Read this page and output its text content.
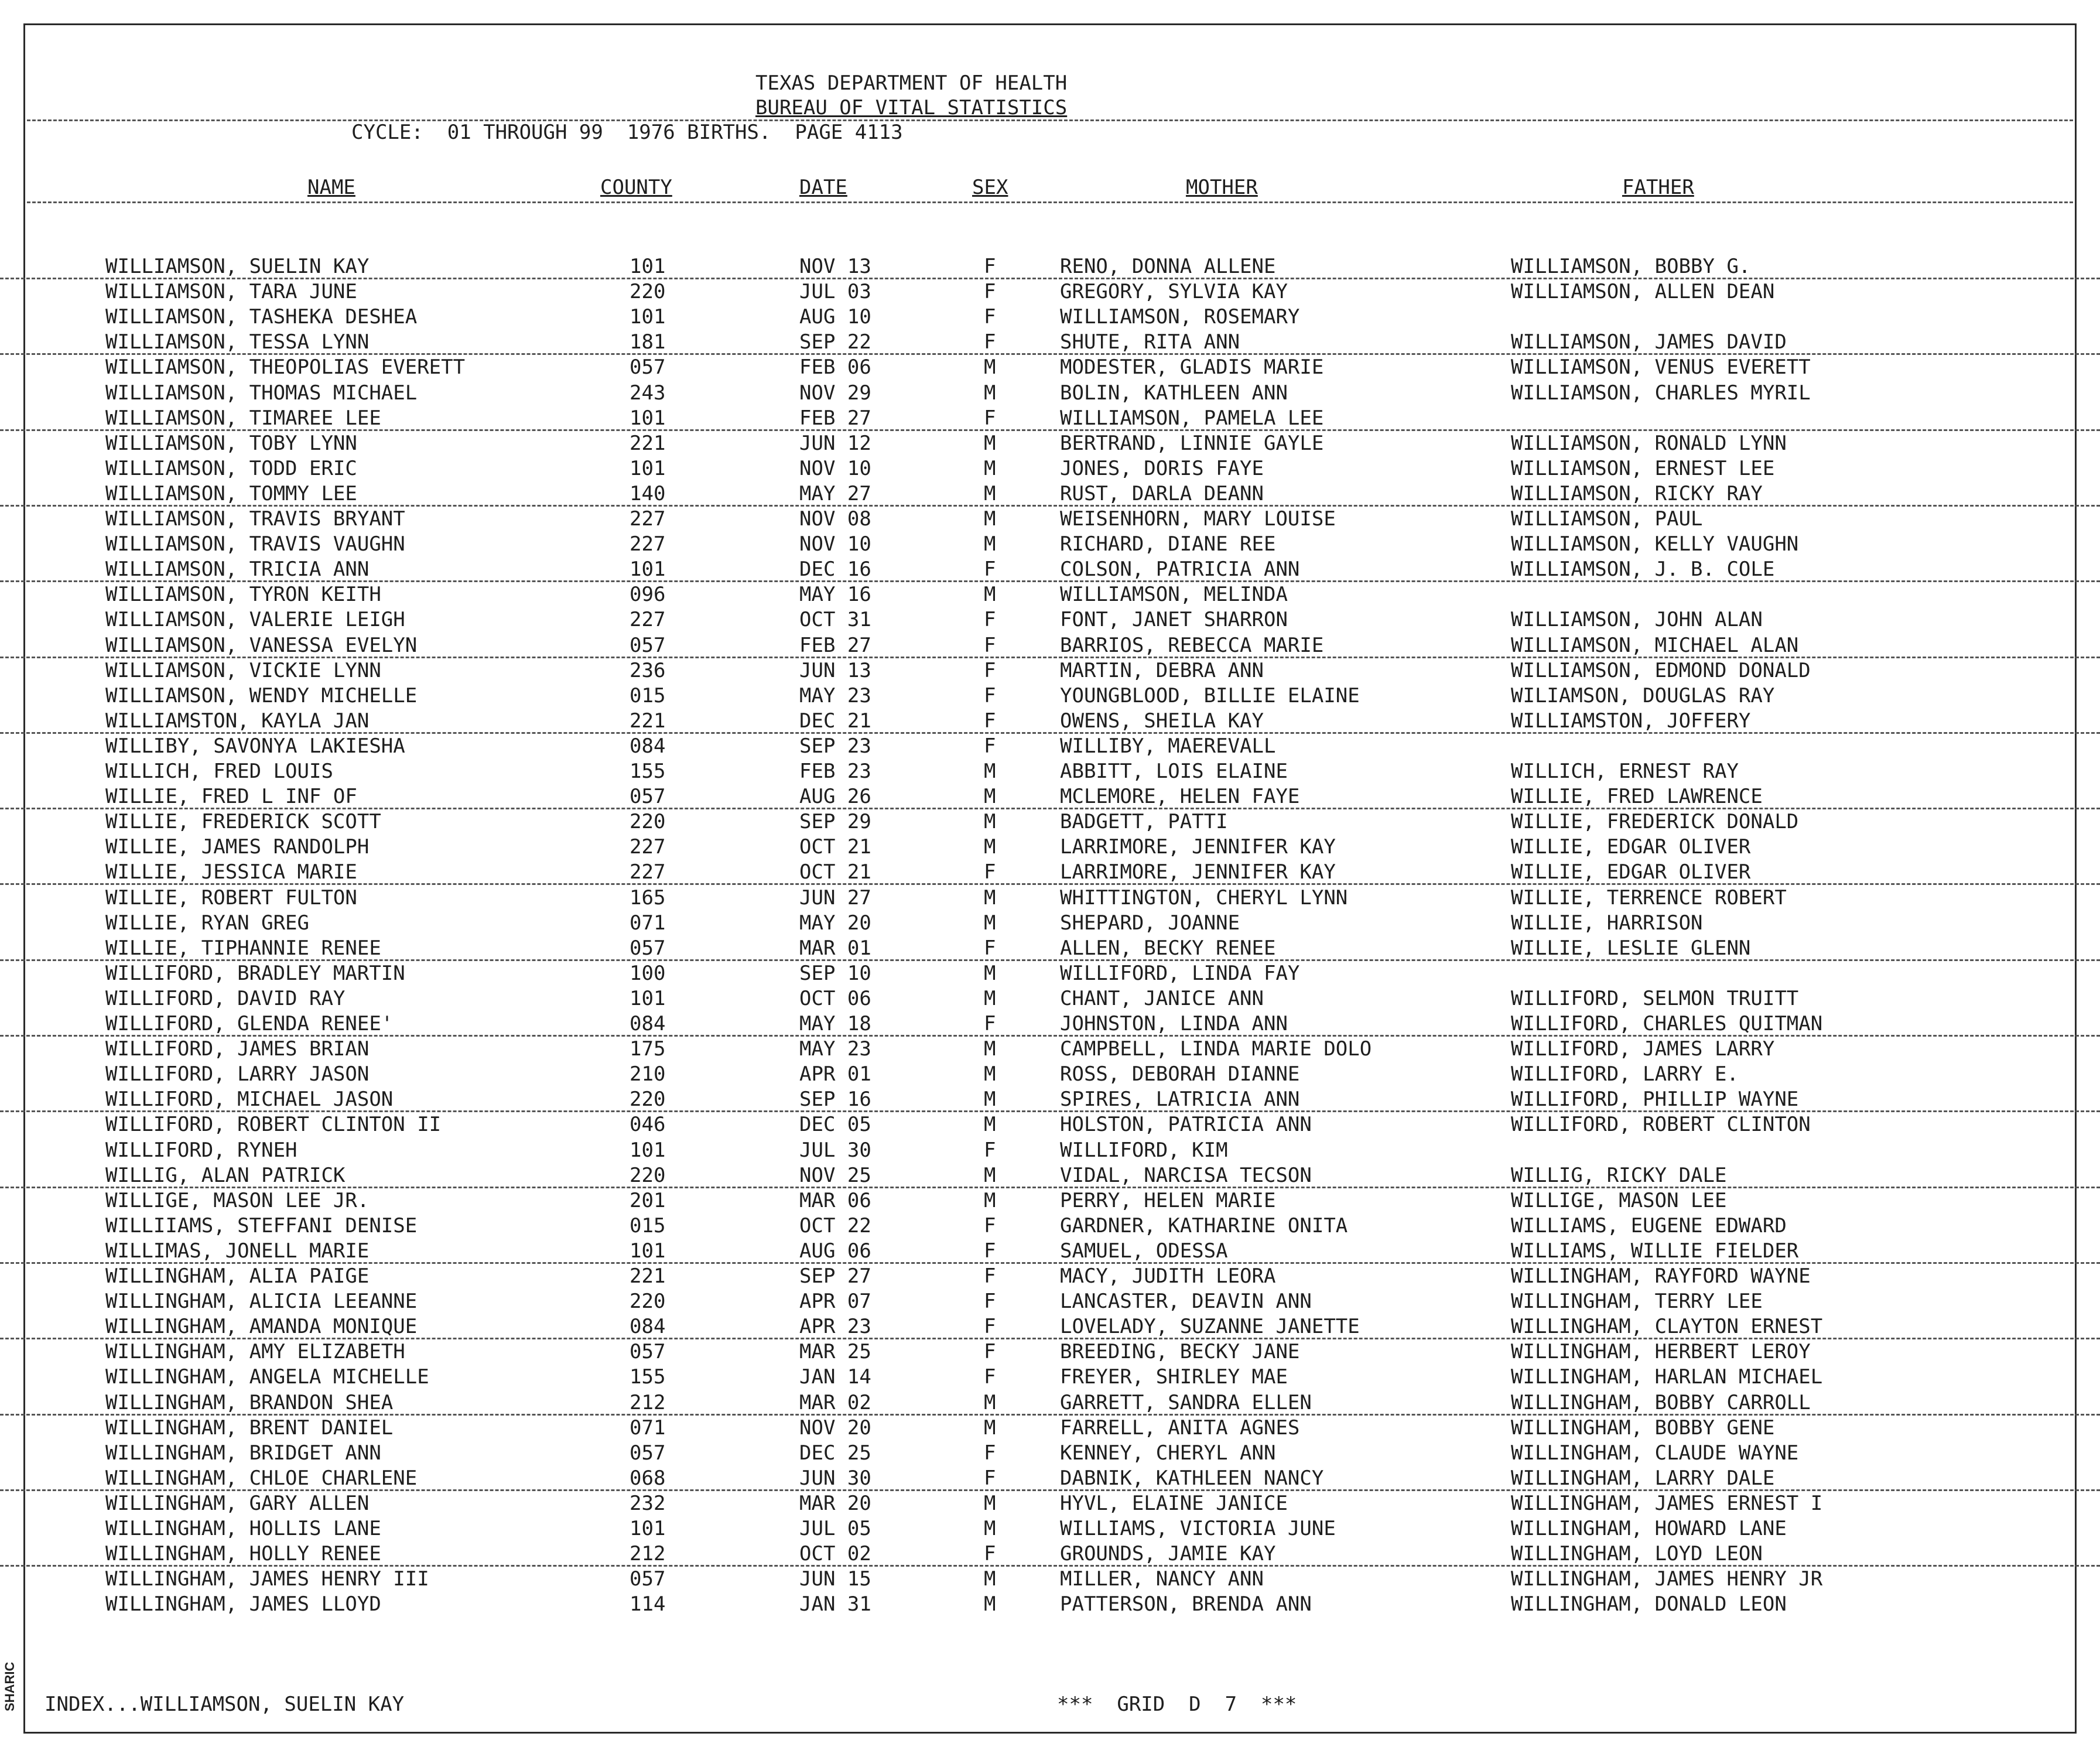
SHARIC
TEXAS DEPARTMENT OF HEALTH
BUREAU OF VITAL STATISTICS
CYCLE:  01 THROUGH 99  1976 BIRTHS.  PAGE 4113
NAME	COUNTY	DATE	SEX	MOTHER	FATHER
WILLIAMSON, SUELIN KAY	101	NOV 13	F	RENO, DONNA ALLENE	WILLIAMSON, BOBBY G.
WILLIAMSON, TARA JUNE	220	JUL 03	F	GREGORY, SYLVIA KAY	WILLIAMSON, ALLEN DEAN
WILLIAMSON, TASHEKA DESHEA	101	AUG 10	F	WILLIAMSON, ROSEMARY
WILLIAMSON, TESSA LYNN	181	SEP 22	F	SHUTE, RITA ANN	WILLIAMSON, JAMES DAVID
WILLIAMSON, THEOPOLIAS EVERETT	057	FEB 06	M	MODESTER, GLADIS MARIE	WILLIAMSON, VENUS EVERETT
WILLIAMSON, THOMAS MICHAEL	243	NOV 29	M	BOLIN, KATHLEEN ANN	WILLIAMSON, CHARLES MYRIL
WILLIAMSON, TIMAREE LEE	101	FEB 27	F	WILLIAMSON, PAMELA LEE
WILLIAMSON, TOBY LYNN	221	JUN 12	M	BERTRAND, LINNIE GAYLE	WILLIAMSON, RONALD LYNN
WILLIAMSON, TODD ERIC	101	NOV 10	M	JONES, DORIS FAYE	WILLIAMSON, ERNEST LEE
WILLIAMSON, TOMMY LEE	140	MAY 27	M	RUST, DARLA DEANN	WILLIAMSON, RICKY RAY
WILLIAMSON, TRAVIS BRYANT	227	NOV 08	M	WEISENHORN, MARY LOUISE	WILLIAMSON, PAUL
WILLIAMSON, TRAVIS VAUGHN	227	NOV 10	M	RICHARD, DIANE REE	WILLIAMSON, KELLY VAUGHN
WILLIAMSON, TRICIA ANN	101	DEC 16	F	COLSON, PATRICIA ANN	WILLIAMSON, J. B. COLE
WILLIAMSON, TYRON KEITH	096	MAY 16	M	WILLIAMSON, MELINDA
WILLIAMSON, VALERIE LEIGH	227	OCT 31	F	FONT, JANET SHARRON	WILLIAMSON, JOHN ALAN
WILLIAMSON, VANESSA EVELYN	057	FEB 27	F	BARRIOS, REBECCA MARIE	WILLIAMSON, MICHAEL ALAN
WILLIAMSON, VICKIE LYNN	236	JUN 13	F	MARTIN, DEBRA ANN	WILLIAMSON, EDMOND DONALD
WILLIAMSON, WENDY MICHELLE	015	MAY 23	F	YOUNGBLOOD, BILLIE ELAINE	WILIAMSON, DOUGLAS RAY
WILLIAMSTON, KAYLA JAN	221	DEC 21	F	OWENS, SHEILA KAY	WILLIAMSTON, JOFFERY
WILLIBY, SAVONYA LAKIESHA	084	SEP 23	F	WILLIBY, MAEREVALL
WILLICH, FRED LOUIS	155	FEB 23	M	ABBITT, LOIS ELAINE	WILLICH, ERNEST RAY
WILLIE, FRED L INF OF	057	AUG 26	M	MCLEMORE, HELEN FAYE	WILLIE, FRED LAWRENCE
WILLIE, FREDERICK SCOTT	220	SEP 29	M	BADGETT, PATTI	WILLIE, FREDERICK DONALD
WILLIE, JAMES RANDOLPH	227	OCT 21	M	LARRIMORE, JENNIFER KAY	WILLIE, EDGAR OLIVER
WILLIE, JESSICA MARIE	227	OCT 21	F	LARRIMORE, JENNIFER KAY	WILLIE, EDGAR OLIVER
WILLIE, ROBERT FULTON	165	JUN 27	M	WHITTINGTON, CHERYL LYNN	WILLIE, TERRENCE ROBERT
WILLIE, RYAN GREG	071	MAY 20	M	SHEPARD, JOANNE	WILLIE, HARRISON
WILLIE, TIPHANNIE RENEE	057	MAR 01	F	ALLEN, BECKY RENEE	WILLIE, LESLIE GLENN
WILLIFORD, BRADLEY MARTIN	100	SEP 10	M	WILLIFORD, LINDA FAY
WILLIFORD, DAVID RAY	101	OCT 06	M	CHANT, JANICE ANN	WILLIFORD, SELMON TRUITT
WILLIFORD, GLENDA RENEE'	084	MAY 18	F	JOHNSTON, LINDA ANN	WILLIFORD, CHARLES QUITMAN
WILLIFORD, JAMES BRIAN	175	MAY 23	M	CAMPBELL, LINDA MARIE DOLO	WILLIFORD, JAMES LARRY
WILLIFORD, LARRY JASON	210	APR 01	M	ROSS, DEBORAH DIANNE	WILLIFORD, LARRY E.
WILLIFORD, MICHAEL JASON	220	SEP 16	M	SPIRES, LATRICIA ANN	WILLIFORD, PHILLIP WAYNE
WILLIFORD, ROBERT CLINTON II	046	DEC 05	M	HOLSTON, PATRICIA ANN	WILLIFORD, ROBERT CLINTON
WILLIFORD, RYNEH	101	JUL 30	F	WILLIFORD, KIM
WILLIG, ALAN PATRICK	220	NOV 25	M	VIDAL, NARCISA TECSON	WILLIG, RICKY DALE
WILLIGE, MASON LEE JR.	201	MAR 06	M	PERRY, HELEN MARIE	WILLIGE, MASON LEE
WILLIIAMS, STEFFANI DENISE	015	OCT 22	F	GARDNER, KATHARINE ONITA	WILLIAMS, EUGENE EDWARD
WILLIMAS, JONELL MARIE	101	AUG 06	F	SAMUEL, ODESSA	WILLIAMS, WILLIE FIELDER
WILLINGHAM, ALIA PAIGE	221	SEP 27	F	MACY, JUDITH LEORA	WILLINGHAM, RAYFORD WAYNE
WILLINGHAM, ALICIA LEEANNE	220	APR 07	F	LANCASTER, DEAVIN ANN	WILLINGHAM, TERRY LEE
WILLINGHAM, AMANDA MONIQUE	084	APR 23	F	LOVELADY, SUZANNE JANETTE	WILLINGHAM, CLAYTON ERNEST
WILLINGHAM, AMY ELIZABETH	057	MAR 25	F	BREEDING, BECKY JANE	WILLINGHAM, HERBERT LEROY
WILLINGHAM, ANGELA MICHELLE	155	JAN 14	F	FREYER, SHIRLEY MAE	WILLINGHAM, HARLAN MICHAEL
WILLINGHAM, BRANDON SHEA	212	MAR 02	M	GARRETT, SANDRA ELLEN	WILLINGHAM, BOBBY CARROLL
WILLINGHAM, BRENT DANIEL	071	NOV 20	M	FARRELL, ANITA AGNES	WILLINGHAM, BOBBY GENE
WILLINGHAM, BRIDGET ANN	057	DEC 25	F	KENNEY, CHERYL ANN	WILLINGHAM, CLAUDE WAYNE
WILLINGHAM, CHLOE CHARLENE	068	JUN 30	F	DABNIK, KATHLEEN NANCY	WILLINGHAM, LARRY DALE
WILLINGHAM, GARY ALLEN	232	MAR 20	M	HYVL, ELAINE JANICE	WILLINGHAM, JAMES ERNEST I
WILLINGHAM, HOLLIS LANE	101	JUL 05	M	WILLIAMS, VICTORIA JUNE	WILLINGHAM, HOWARD LANE
WILLINGHAM, HOLLY RENEE	212	OCT 02	F	GROUNDS, JAMIE KAY	WILLINGHAM, LOYD LEON
WILLINGHAM, JAMES HENRY III	057	JUN 15	M	MILLER, NANCY ANN	WILLINGHAM, JAMES HENRY JR
WILLINGHAM, JAMES LLOYD	114	JAN 31	M	PATTERSON, BRENDA ANN	WILLINGHAM, DONALD LEON
INDEX...WILLIAMSON, SUELIN KAY	***  GRID  D  7  ***
